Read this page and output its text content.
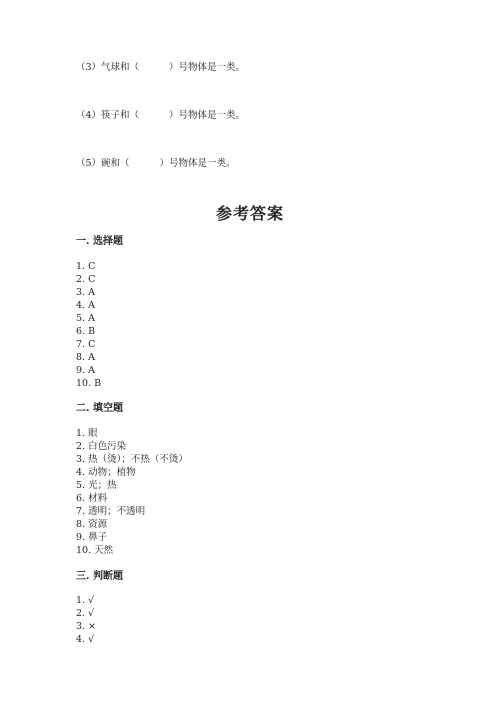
（3）气球和（	）号物体是一类。
（4）筷子和（	）号物体是一类。
（5）碗和（	）号物体是一类。
参考答案
一. 选择题
1. C
2. C
3. A
4. A
5. A
6. B
7. C
8. A
9. A
10. B
二. 填空题
1. 眼
2. 白色污染
3. 热（烫）；不热（不烫）
4. 动物；植物
5. 光；热
6. 材料
7. 透明；不透明
8. 资源
9. 鼻子
10. 天然
三. 判断题
1. √
2. √
3. ×
4. √
